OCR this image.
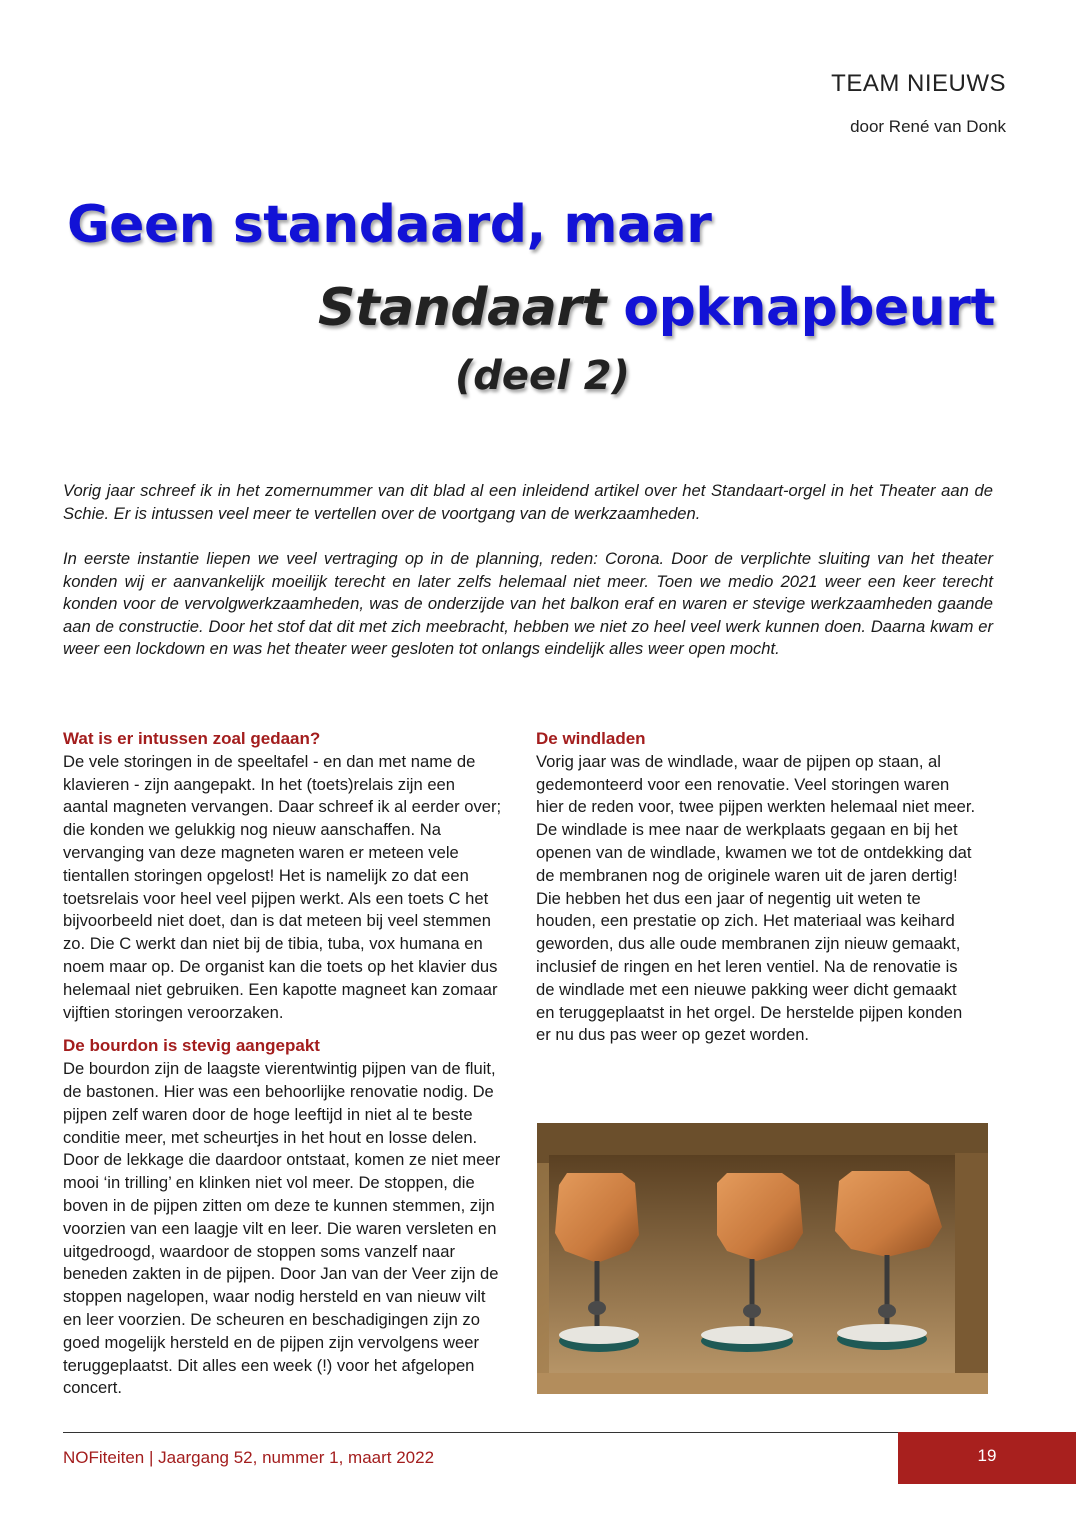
TEAM NIEUWS
door René van Donk
Geen standaard, maar
Standaart opknapbeurt
(deel 2)

Vorig jaar schreef ik in het zomernummer van dit blad al een inleidend artikel over het Standaart-orgel in het Theater aan de Schie. Er is intussen veel meer te vertellen over de voortgang van de werkzaamheden.

In eerste instantie liepen we veel vertraging op in de planning, reden: Corona. Door de verplichte sluiting van het theater konden wij er aanvankelijk moeilijk terecht en later zelfs helemaal niet meer. Toen we medio 2021 weer een keer terecht konden voor de vervolgwerkzaamheden, was de onderzijde van het balkon eraf en waren er stevige werkzaamheden gaande aan de constructie. Door het stof dat dit met zich meebracht, hebben we niet zo heel veel werk kunnen doen. Daarna kwam er weer een lockdown en was het theater weer gesloten tot onlangs eindelijk alles weer open mocht.

Wat is er intussen zoal gedaan?

De vele storingen in de speeltafel - en dan met name de klavieren - zijn aangepakt. In het (toets)relais zijn een aantal magneten vervangen. Daar schreef ik al eerder over; die konden we gelukkig nog nieuw aanschaffen. Na vervanging van deze magneten waren er meteen vele tientallen storingen opgelost! Het is namelijk zo dat een toetsrelais voor heel veel pijpen werkt. Als een toets C het bijvoorbeeld niet doet, dan is dat meteen bij veel stemmen zo. Die C werkt dan niet bij de tibia, tuba, vox humana en noem maar op. De organist kan die toets op het klavier dus helemaal niet gebruiken. Een kapotte magneet kan zomaar vijftien storingen veroorzaken.

De bourdon is stevig aangepakt

De bourdon zijn de laagste vierentwintig pijpen van de fluit, de bastonen. Hier was een behoorlijke renovatie nodig. De pijpen zelf waren door de hoge leeftijd in niet al te beste conditie meer, met scheurtjes in het hout en losse delen. Door de lekkage die daardoor ontstaat, komen ze niet meer mooi ‘in trilling’ en klinken niet vol meer. De stoppen, die boven in de pijpen zitten om deze te kunnen stemmen, zijn voorzien van een laagje vilt en leer. Die waren versleten en uitgedroogd, waardoor de stoppen soms vanzelf naar beneden zakten in de pijpen. Door Jan van der Veer zijn de stoppen nagelopen, waar nodig hersteld en van nieuw vilt en leer voorzien. De scheuren en beschadigingen zijn zo goed mogelijk hersteld en de pijpen zijn vervolgens weer teruggeplaatst. Dit alles een week (!) voor het afgelopen concert.

De windladen

Vorig jaar was de windlade, waar de pijpen op staan, al gedemonteerd voor een renovatie. Veel storingen waren hier de reden voor, twee pijpen werkten helemaal niet meer. De windlade is mee naar de werkplaats gegaan en bij het openen van de windlade, kwamen we tot de ontdekking dat de membranen nog de originele waren uit de jaren dertig! Die hebben het dus een jaar of negentig uit weten te houden, een prestatie op zich. Het materiaal was keihard geworden, dus alle oude membranen zijn nieuw gemaakt, inclusief de ringen en het leren ventiel. Na de renovatie is de windlade met een nieuwe pakking weer dicht gemaakt en teruggeplaatst in het orgel. De herstelde pijpen konden er nu dus pas weer op gezet worden.

NOFiteiten | Jaargang 52, nummer 1, maart 2022	19
